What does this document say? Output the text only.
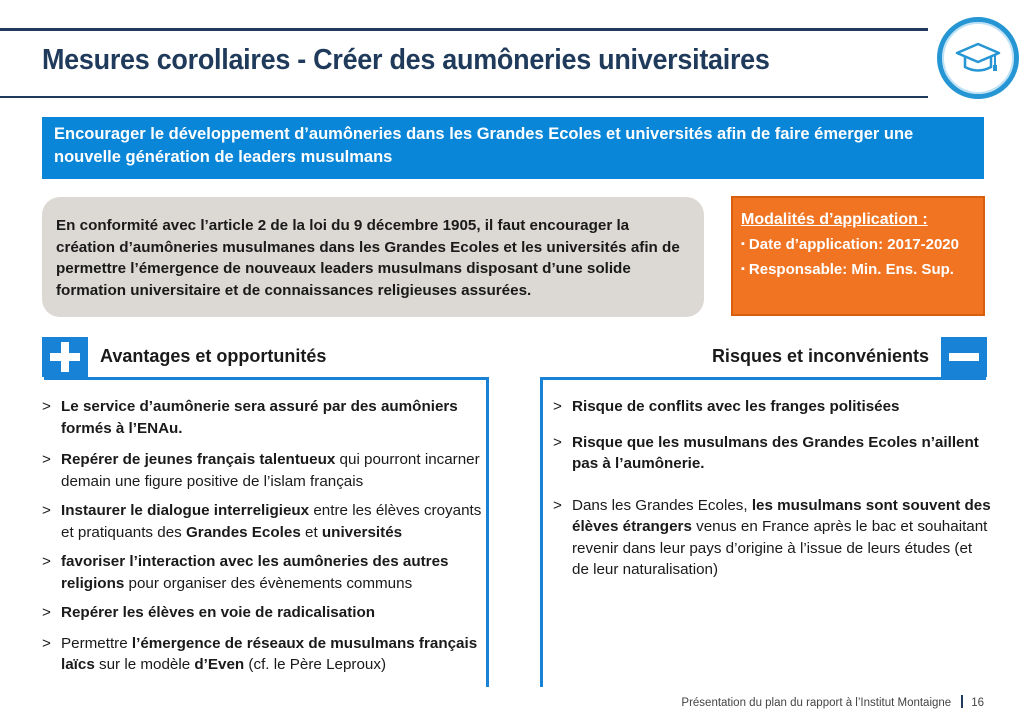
Mesures corollaires - Créer des aumôneries universitaires

Encourager le développement d’aumôneries dans les Grandes Ecoles et universités afin de faire émerger une nouvelle génération de leaders musulmans

En conformité avec l’article 2 de la loi du 9 décembre 1905, il faut encourager la création d’aumôneries musulmanes dans les Grandes Ecoles et les universités afin de permettre l’émergence de nouveaux leaders musulmans disposant d’une solide formation universitaire et de connaissances religieuses assurées.

Modalités d’application :
▪ Date d’application: 2017-2020
▪ Responsable: Min. Ens. Sup.
Avantages et opportunités
> Le service d’aumônerie sera assuré par des aumôniers formés à l’ENAu.
> Repérer de jeunes français talentueux qui pourront incarner demain une figure positive de l’islam français
> Instaurer le dialogue interreligieux entre les élèves croyants et pratiquants des Grandes Ecoles et universités
> favoriser l’interaction avec les aumôneries des autres religions pour organiser des évènements communs
> Repérer les élèves en voie de radicalisation
> Permettre l’émergence de réseaux de musulmans français laïcs sur le modèle d’Even (cf. le Père Leproux)
Risques et inconvénients
> Risque de conflits avec les franges politisées
> Risque que les musulmans des Grandes Ecoles n’aillent pas à l’aumônerie.
> Dans les Grandes Ecoles, les musulmans sont souvent des élèves étrangers venus en France après le bac et souhaitant revenir dans leur pays d’origine à l’issue de leurs études (et de leur naturalisation)
Présentation du plan du rapport à l’Institut Montaigne 16
